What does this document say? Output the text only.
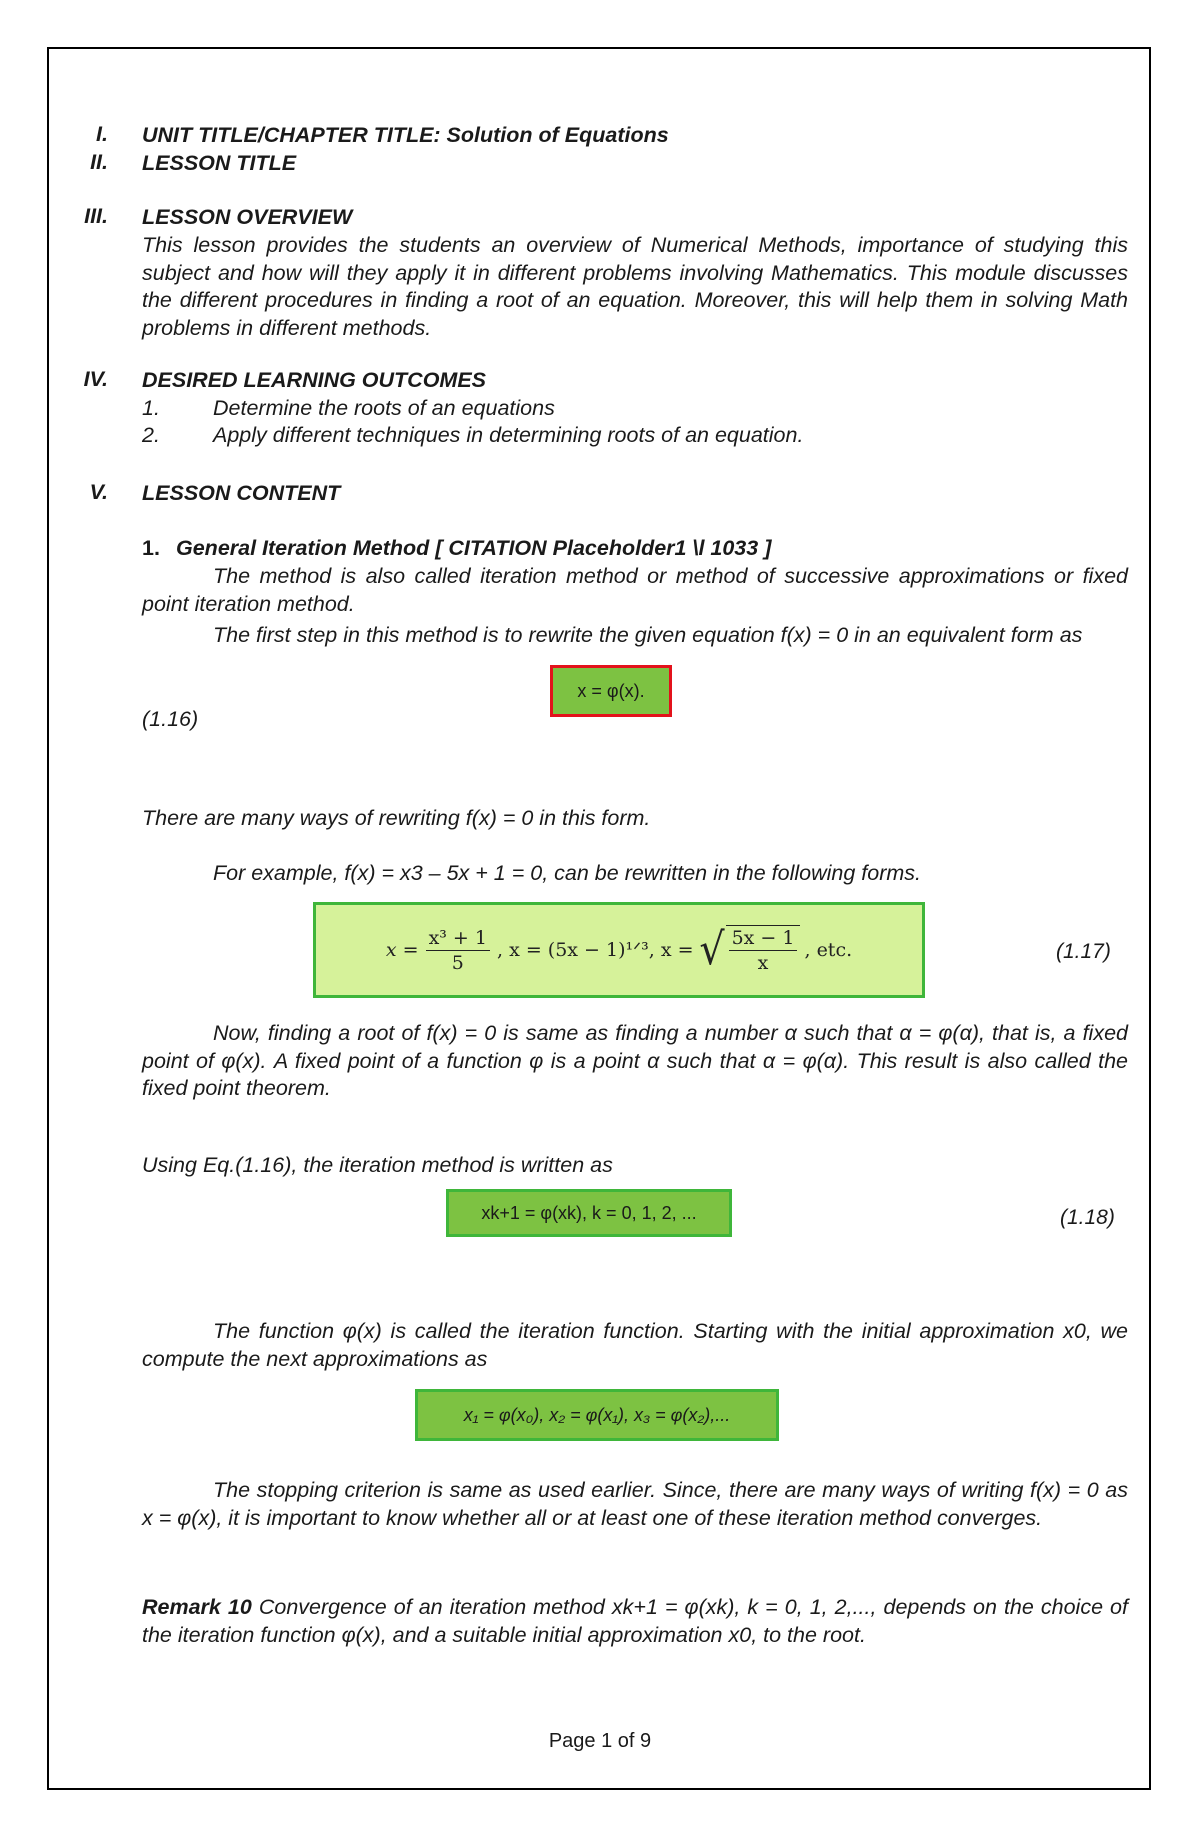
I. UNIT TITLE/CHAPTER TITLE: Solution of Equations
II. LESSON TITLE
III. LESSON OVERVIEW
This lesson provides the students an overview of Numerical Methods, importance of studying this subject and how will they apply it in different problems involving Mathematics. This module discusses the different procedures in finding a root of an equation. Moreover, this will help them in solving Math problems in different methods.
IV. DESIRED LEARNING OUTCOMES
1. Determine the roots of an equations
2. Apply different techniques in determining roots of an equation.
V. LESSON CONTENT
1. General Iteration Method [ CITATION Placeholder1 \l 1033 ]
The method is also called iteration method or method of successive approximations or fixed point iteration method.
The first step in this method is to rewrite the given equation f(x) = 0 in an equivalent form as
x = φ(x).
(1.16)
There are many ways of rewriting f(x) = 0 in this form.
For example, f(x) = x3 – 5x + 1 = 0, can be rewritten in the following forms.
$x = \frac{\text{x³ + 1}}{5}$ , x = (5x − 1)¹ᐟ³, x = √ $\frac{5x - 1}{x}$ , etc.	(1.17)
Now, finding a root of f(x) = 0 is same as finding a number α such that α = φ(α), that is, a fixed point of φ(x). A fixed point of a function φ is a point α such that α = φ(α). This result is also called the fixed point theorem.
Using Eq.(1.16), the iteration method is written as
xk+1 = φ(xk), k = 0, 1, 2, ...	(1.18)
The function φ(x) is called the iteration function. Starting with the initial approximation x0, we compute the next approximations as
x₁ = φ(x₀), x₂ = φ(x₁), x₃ = φ(x₂),...
The stopping criterion is same as used earlier. Since, there are many ways of writing f(x) = 0 as x = φ(x), it is important to know whether all or at least one of these iteration method converges.
Remark 10 Convergence of an iteration method xk+1 = φ(xk), k = 0, 1, 2,..., depends on the choice of the iteration function φ(x), and a suitable initial approximation x0, to the root.
Page 1 of 9
